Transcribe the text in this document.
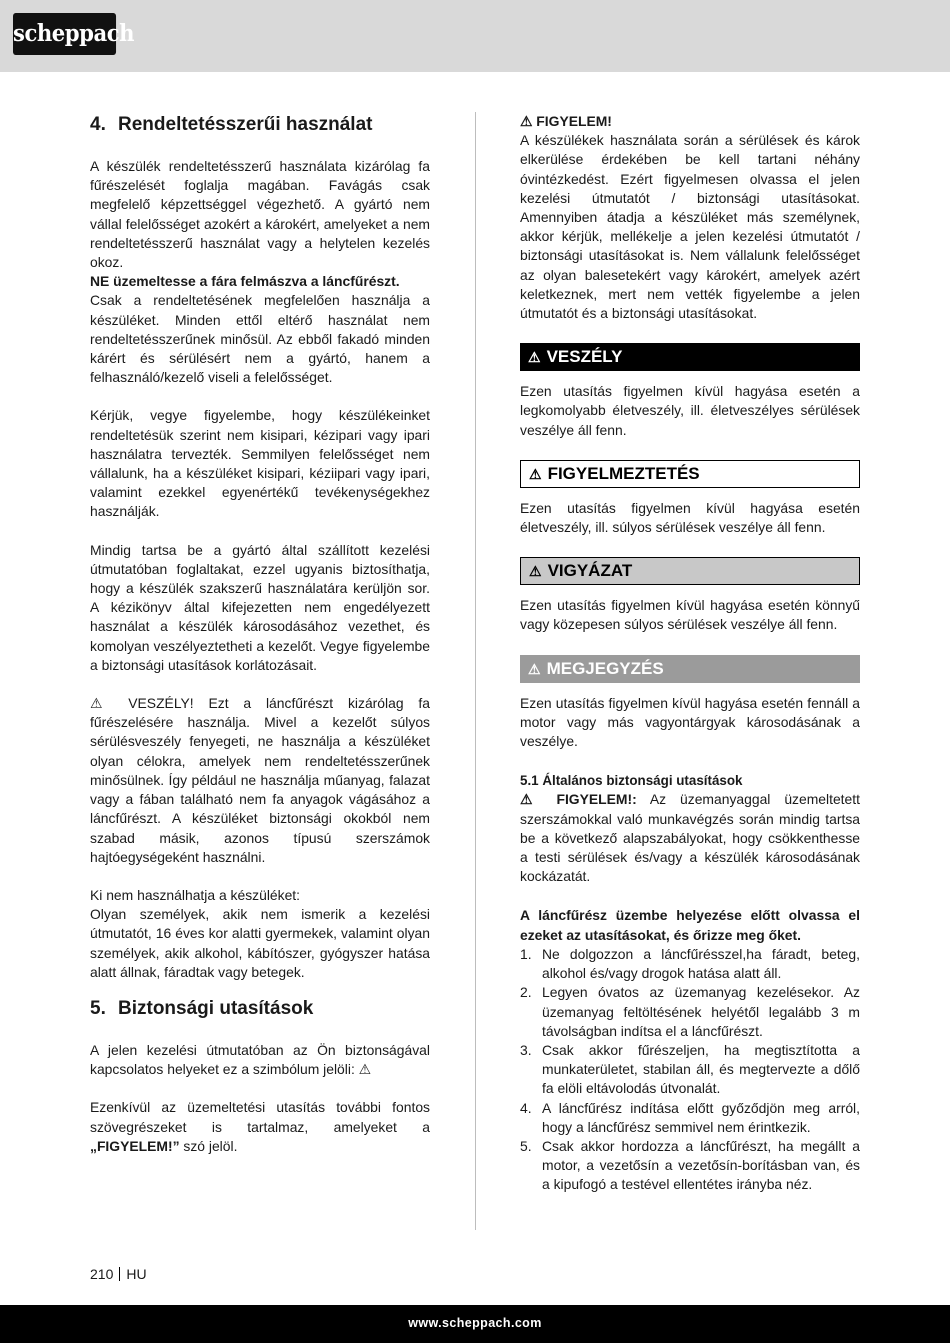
scheppach
4. Rendeltetésszerűi használat

A készülék rendeltetésszerű használata kizárólag fa fűrészelését foglalja magában. Favágás csak megfelelő képzettséggel végezhető. A gyártó nem vállal felelősséget azokért a károkért, amelyeket a nem rendeltetésszerű használat vagy a helytelen kezelés okoz.

NE üzemeltesse a fára felmászva a láncfűrészt.

Csak a rendeltetésének megfelelően használja a készüléket. Minden ettől eltérő használat nem rendeltetésszerűnek minősül. Az ebből fakadó minden kárért és sérülésért nem a gyártó, hanem a felhasználó/kezelő viseli a felelősséget.

Kérjük, vegye figyelembe, hogy készülékeinket rendeltetésük szerint nem kisipari, kézipari vagy ipari használatra tervezték. Semmilyen felelősséget nem vállalunk, ha a készüléket kisipari, kéziipari vagy ipari, valamint ezekkel egyenértékű tevékenységekhez használják.

Mindig tartsa be a gyártó által szállított kezelési útmutatóban foglaltakat, ezzel ugyanis biztosíthatja, hogy a készülék szakszerű használatára kerüljön sor. A kézikönyv által kifejezetten nem engedélyezett használat a készülék károsodásához vezethet, és komolyan veszélyeztetheti a kezelőt. Vegye figyelembe a biztonsági utasítások korlátozásait.

⚠ VESZÉLY! Ezt a láncfűrészt kizárólag fa fűrészelésére használja. Mivel a kezelőt súlyos sérülésveszély fenyegeti, ne használja a készüléket olyan célokra, amelyek nem rendeltetésszerűnek minősülnek. Így például ne használja műanyag, falazat vagy a fában található nem fa anyagok vágásához a láncfűrészt. A készüléket biztonsági okokból nem szabad másik, azonos típusú szerszámok hajtóegységeként használni.

Ki nem használhatja a készüléket:

Olyan személyek, akik nem ismerik a kezelési útmutatót, 16 éves kor alatti gyermekek, valamint olyan személyek, akik alkohol, kábítószer, gyógyszer hatása alatt állnak, fáradtak vagy betegek.

5. Biztonsági utasítások

A jelen kezelési útmutatóban az Ön biztonságával kapcsolatos helyeket ez a szimbólum jelöli: ⚠

Ezenkívül az üzemeltetési utasítás további fontos szövegrészeket is tartalmaz, amelyeket a „FIGYELEM!” szó jelöl.

⚠ FIGYELEM!

A készülékek használata során a sérülések és károk elkerülése érdekében be kell tartani néhány óvintézkedést. Ezért figyelmesen olvassa el jelen kezelési útmutatót / biztonsági utasításokat. Amennyiben átadja a készüléket más személynek, akkor kérjük, mellékelje a jelen kezelési útmutatót / biztonsági utasításokat is. Nem vállalunk felelősséget az olyan balesetekért vagy károkért, amelyek azért keletkeznek, mert nem vették figyelembe a jelen útmutatót és a biztonsági utasításokat.

⚠ VESZÉLY

Ezen utasítás figyelmen kívül hagyása esetén a legkomolyabb életveszély, ill. életveszélyes sérülések veszélye áll fenn.

⚠ FIGYELMEZTETÉS

Ezen utasítás figyelmen kívül hagyása esetén életveszély, ill. súlyos sérülések veszélye áll fenn.

⚠ VIGYÁZAT

Ezen utasítás figyelmen kívül hagyása esetén könnyű vagy közepesen súlyos sérülések veszélye áll fenn.

⚠ MEGJEGYZÉS

Ezen utasítás figyelmen kívül hagyása esetén fennáll a motor vagy más vagyontárgyak károsodásának a veszélye.

5.1 Általános biztonsági utasítások

⚠ FIGYELEM!: Az üzemanyaggal üzemeltetett szerszámokkal való munkavégzés során mindig tartsa be a következő alapszabályokat, hogy csökkenthesse a testi sérülések és/vagy a készülék károsodásának kockázatát.

A láncfűrész üzembe helyezése előtt olvassa el ezeket az utasításokat, és őrizze meg őket.

1. Ne dolgozzon a láncfűrésszel,ha fáradt, beteg, alkohol és/vagy drogok hatása alatt áll.
2. Legyen óvatos az üzemanyag kezelésekor. Az üzemanyag feltöltésének helyétől legalább 3 m távolságban indítsa el a láncfűrészt.
3. Csak akkor fűrészeljen, ha megtisztította a munkaterületet, stabilan áll, és megtervezte a dőlő fa elöli eltávolodás útvonalát.
4. A láncfűrész indítása előtt győződjön meg arról, hogy a láncfűrész semmivel nem érintkezik.
5. Csak akkor hordozza a láncfűrészt, ha megállt a motor, a vezetősín a vezetősín-borításban van, és a kipufogó a testével ellentétes irányba néz.
210 HU
www.scheppach.com
